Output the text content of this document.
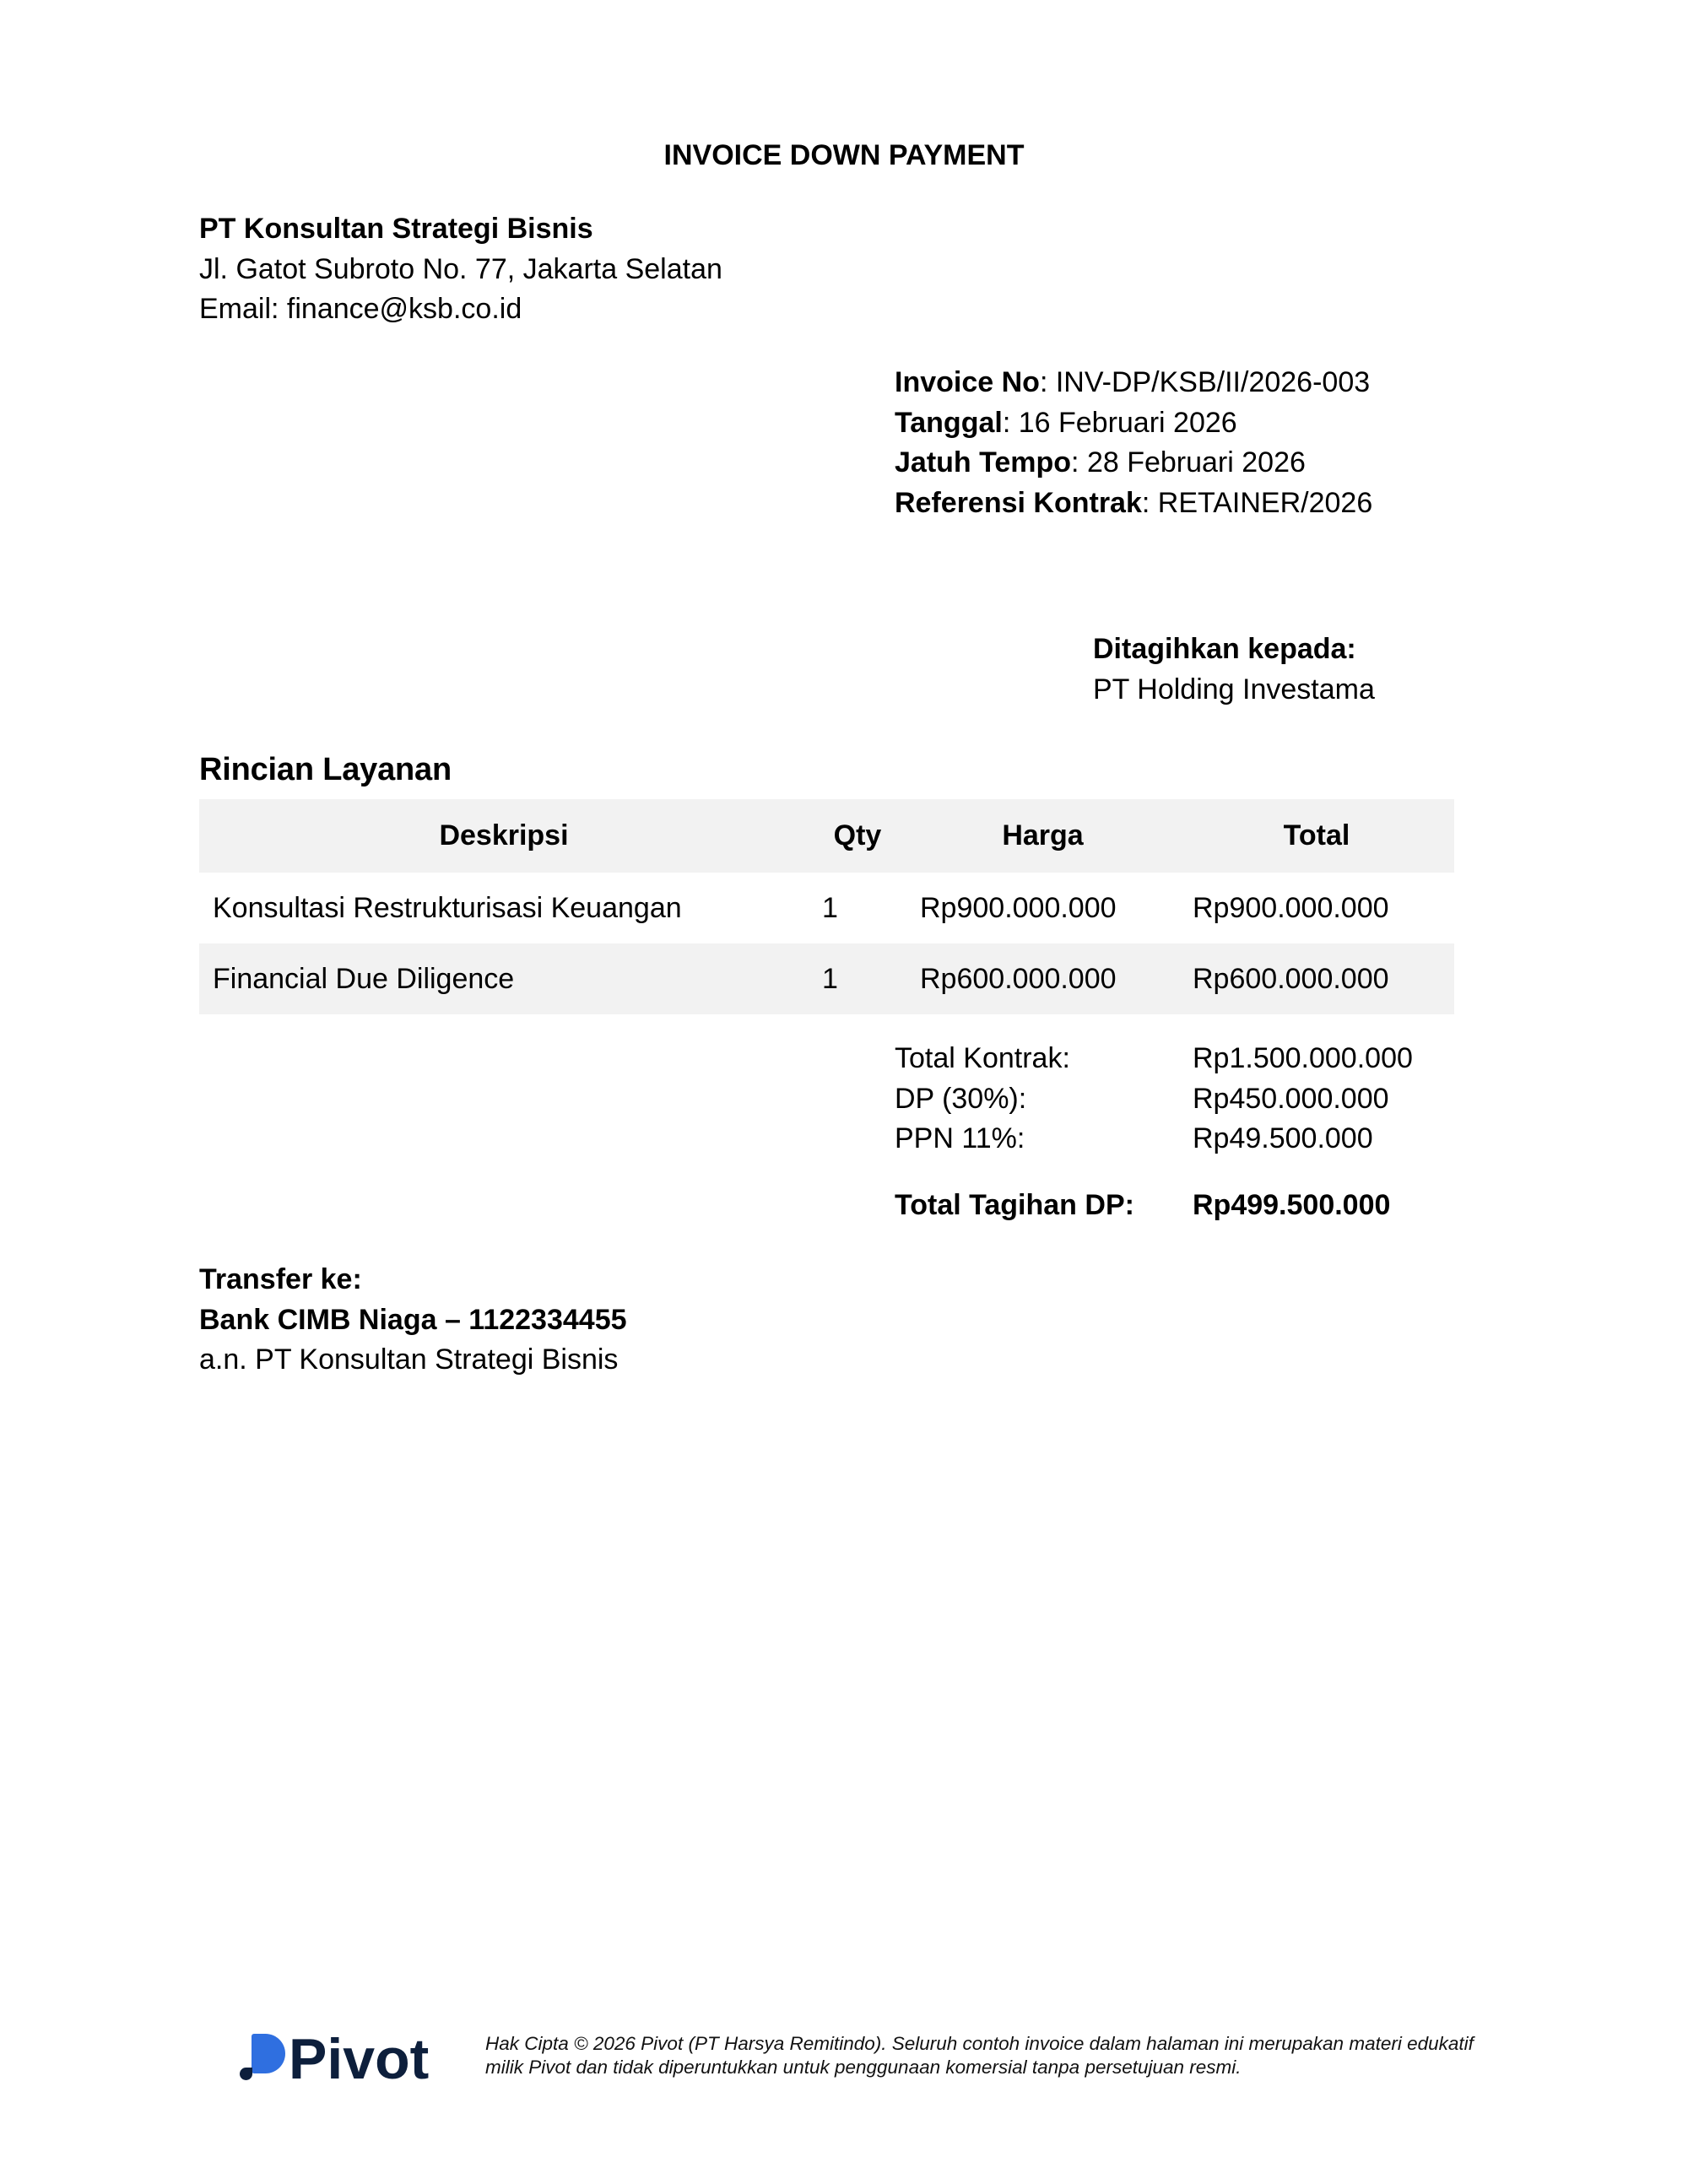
INVOICE DOWN PAYMENT
PT Konsultan Strategi Bisnis
Jl. Gatot Subroto No. 77, Jakarta Selatan
Email: finance@ksb.co.id
Invoice No: INV-DP/KSB/II/2026-003
Tanggal: 16 Februari 2026
Jatuh Tempo: 28 Februari 2026
Referensi Kontrak: RETAINER/2026
Ditagihkan kepada:
PT Holding Investama
Rincian Layanan
Deskripsi	Qty	Harga	Total
Konsultasi Restrukturisasi Keuangan	1	Rp900.000.000	Rp900.000.000
Financial Due Diligence	1	Rp600.000.000	Rp600.000.000
Total Kontrak:	Rp1.500.000.000
DP (30%):	Rp450.000.000
PPN 11%:	Rp49.500.000
Total Tagihan DP:	Rp499.500.000
Transfer ke:
Bank CIMB Niaga – 1122334455
a.n. PT Konsultan Strategi Bisnis
Pivot	Hak Cipta © 2026 Pivot (PT Harsya Remitindo). Seluruh contoh invoice dalam halaman ini merupakan materi edukatif
milik Pivot dan tidak diperuntukkan untuk penggunaan komersial tanpa persetujuan resmi.
